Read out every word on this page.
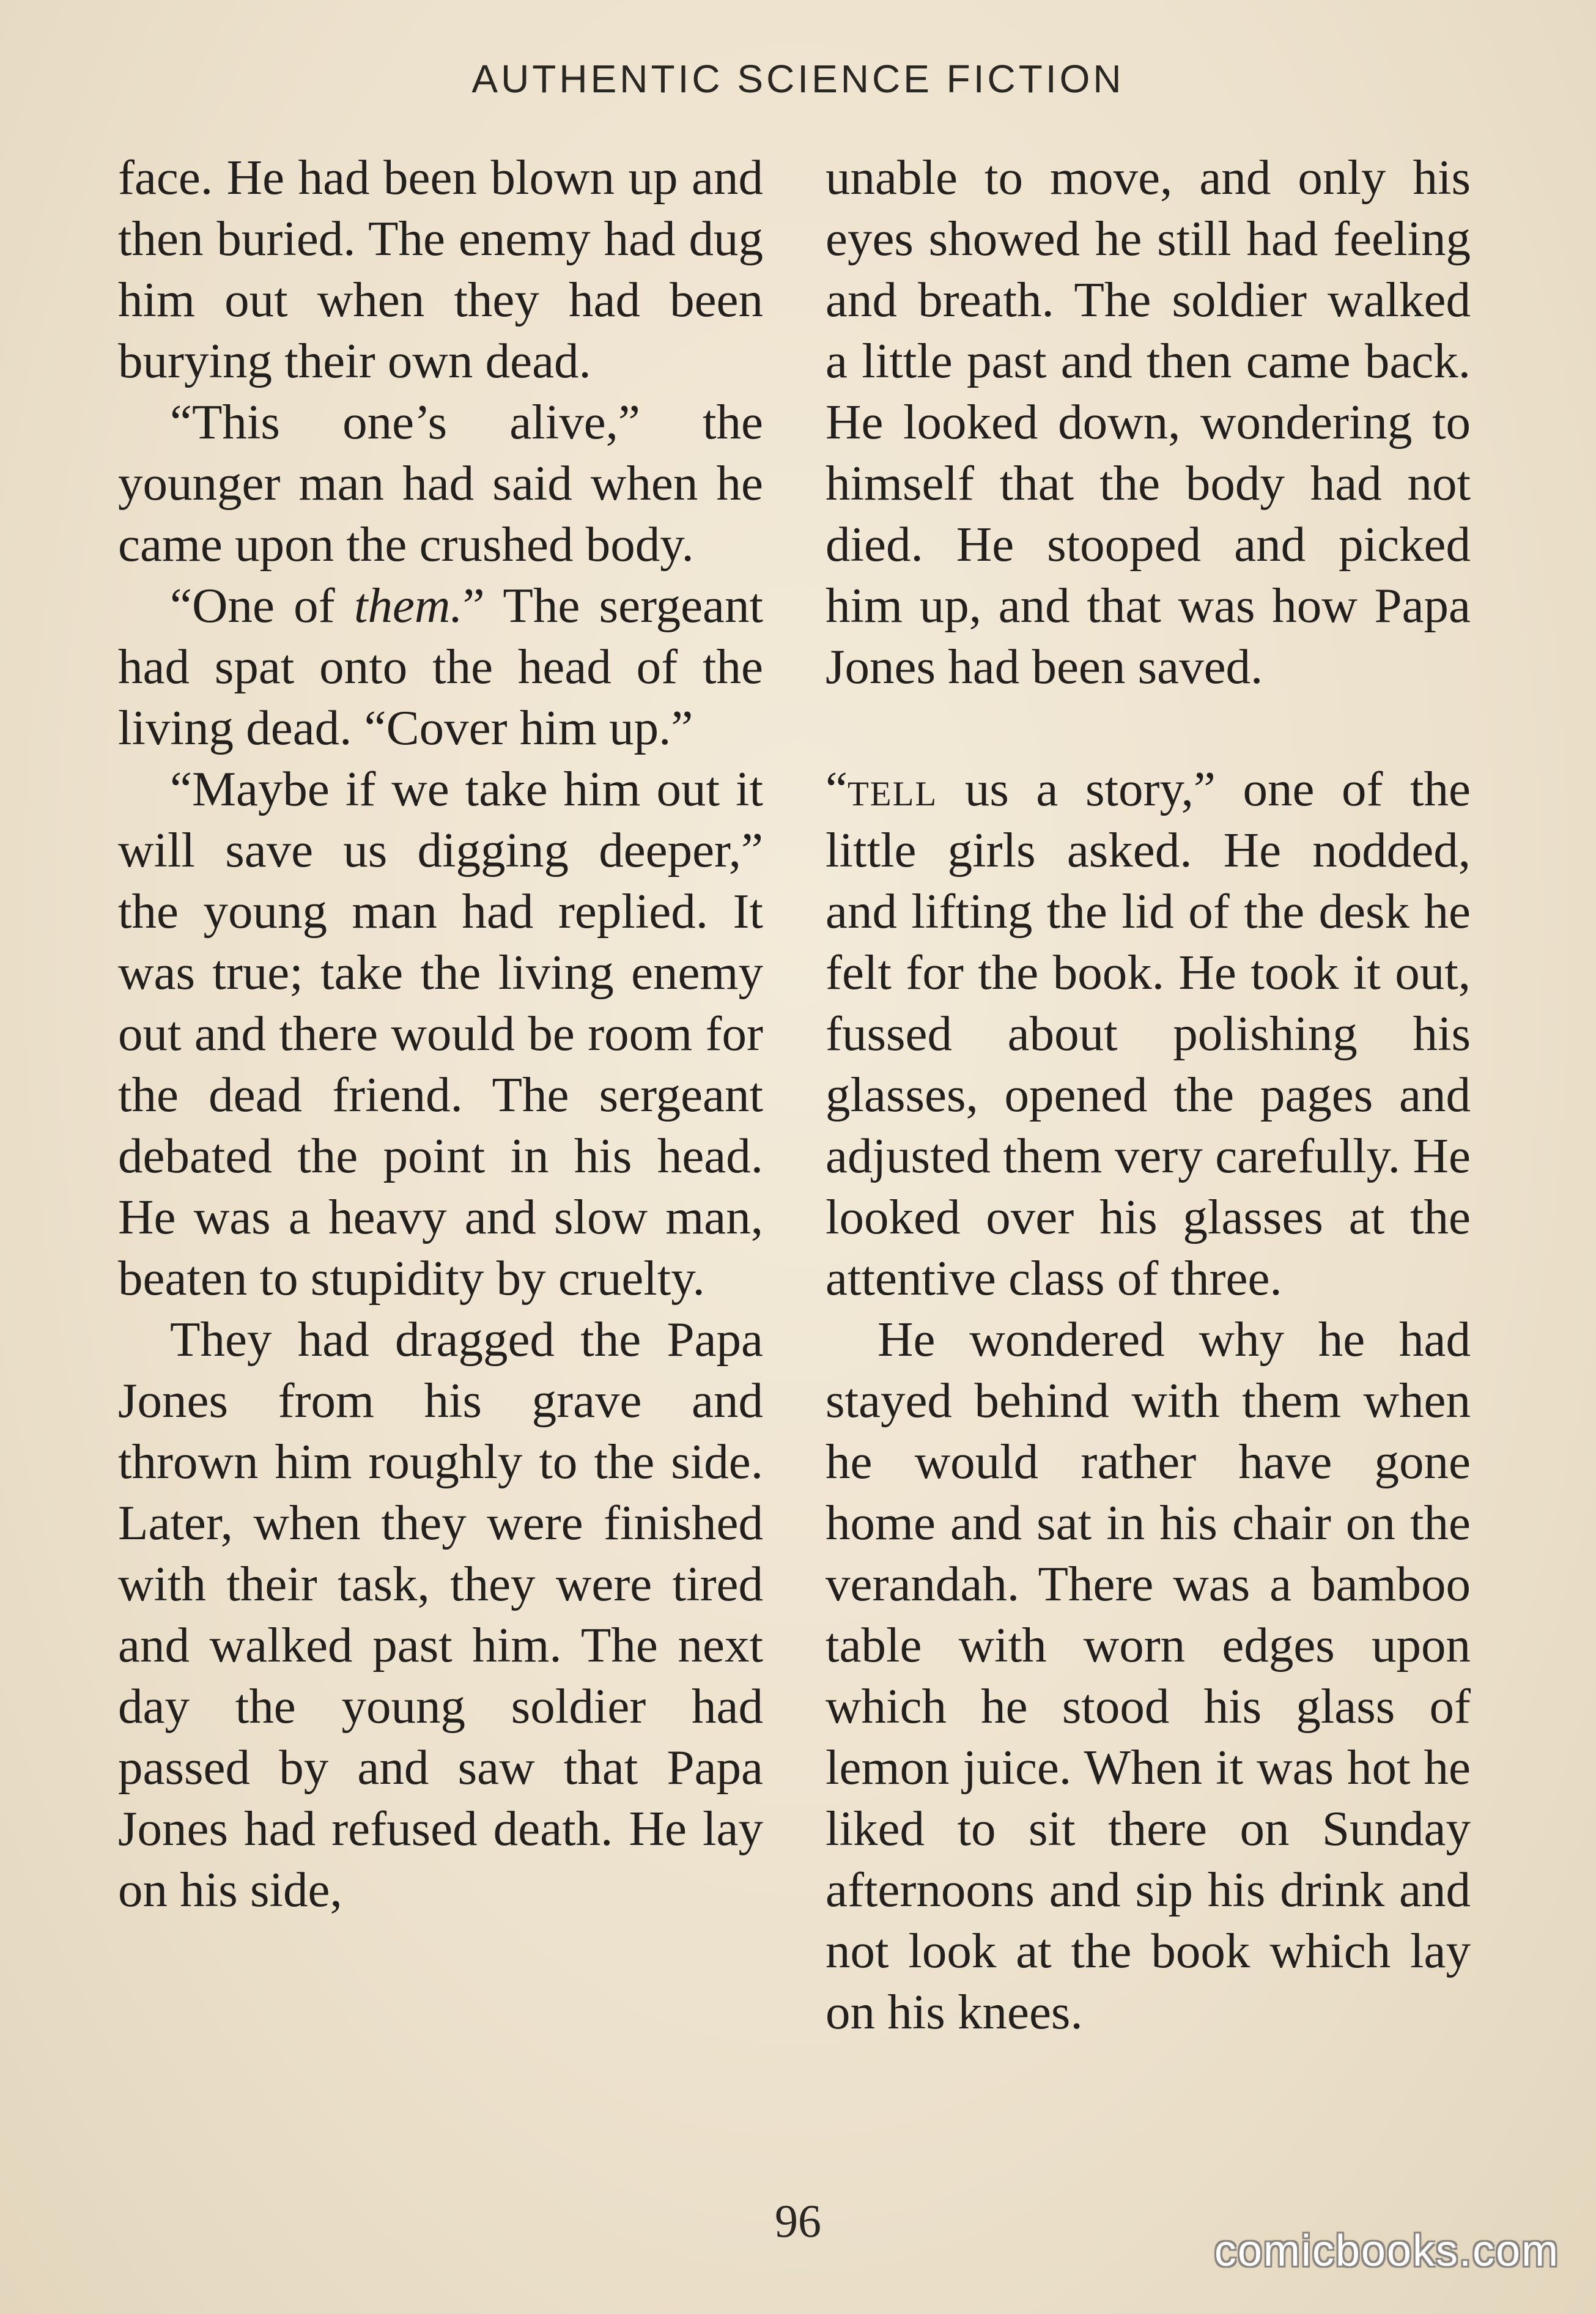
AUTHENTIC SCIENCE FICTION

face. He had been blown up and then buried. The enemy had dug him out when they had been burying their own dead.

“This one’s alive,” the younger man had said when he came upon the crushed body.

“One of them.” The sergeant had spat onto the head of the living dead. “Cover him up.”

“Maybe if we take him out it will save us digging deeper,” the young man had replied. It was true; take the living enemy out and there would be room for the dead friend. The sergeant debated the point in his head. He was a heavy and slow man, beaten to stupidity by cruelty.

They had dragged the Papa Jones from his grave and thrown him roughly to the side. Later, when they were finished with their task, they were tired and walked past him. The next day the young soldier had passed by and saw that Papa Jones had refused death. He lay on his side,

unable to move, and only his eyes showed he still had feeling and breath. The soldier walked a little past and then came back. He looked down, wondering to himself that the body had not died. He stooped and picked him up, and that was how Papa Jones had been saved.

“tell us a story,” one of the little girls asked. He nodded, and lifting the lid of the desk he felt for the book. He took it out, fussed about polishing his glasses, opened the pages and adjusted them very carefully. He looked over his glasses at the attentive class of three.

He wondered why he had stayed behind with them when he would rather have gone home and sat in his chair on the verandah. There was a bamboo table with worn edges upon which he stood his glass of lemon juice. When it was hot he liked to sit there on Sunday afternoons and sip his drink and not look at the book which lay on his knees.

96
comicbooks.com
